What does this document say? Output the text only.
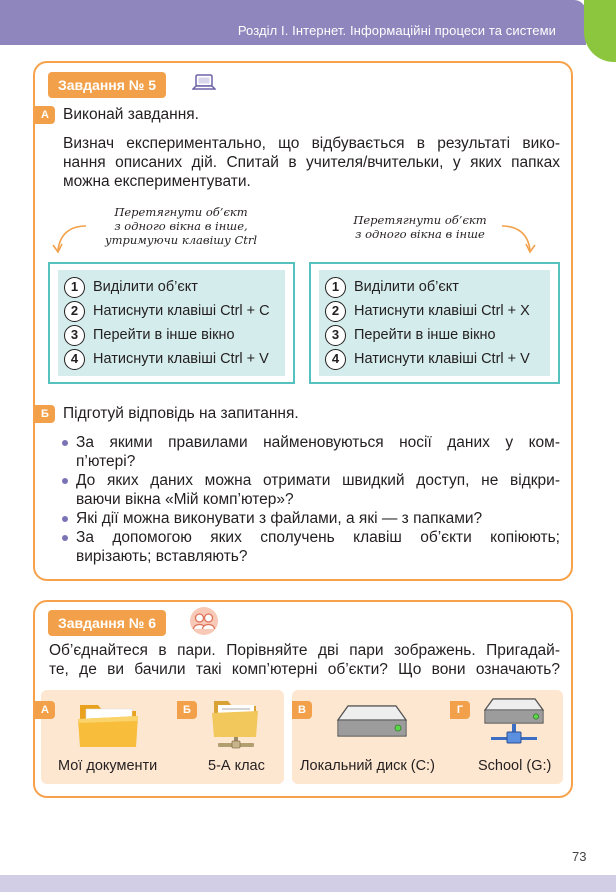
Розділ І. Інтернет. Інформаційні процеси та системи
Завдання № 5
А Виконай завдання.
Визнач експериментально, що відбувається в результаті вико-
нання описаних дій. Спитай в учителя/вчительки, у яких папках
можна експериментувати.
Перетягнути об’єкт
з одного вікна в інше,
утримуючи клавішу Ctrl
Перетягнути об’єкт
з одного вікна в інше
1	Виділити об’єкт
2	Натиснути клавіші Ctrl + C
3	Перейти в інше вікно
4	Натиснути клавіші Ctrl + V
1	Виділити об’єкт
2	Натиснути клавіші Ctrl + X
3	Перейти в інше вікно
4	Натиснути клавіші Ctrl + V
Б Підготуй відповідь на запитання.
За якими правилами найменовуються носії даних у ком-
п’ютері?
До яких даних можна отримати швидкий доступ, не відкри-
ваючи вікна «Мій комп’ютер»?
Які дії можна виконувати з файлами, а які — з папками?
За допомогою яких сполучень клавіш об’єкти копіюють;
вирізають; вставляють?
Завдання № 6
Об’єднайтеся в пари. Порівняйте дві пари зображень. Пригадай-
те, де ви бачили такі комп’ютерні об’єкти? Що вони означають?
А
Мої документи
Б
5-А клас
В
Локальний диск (C:)
Г
School (G:)
73
